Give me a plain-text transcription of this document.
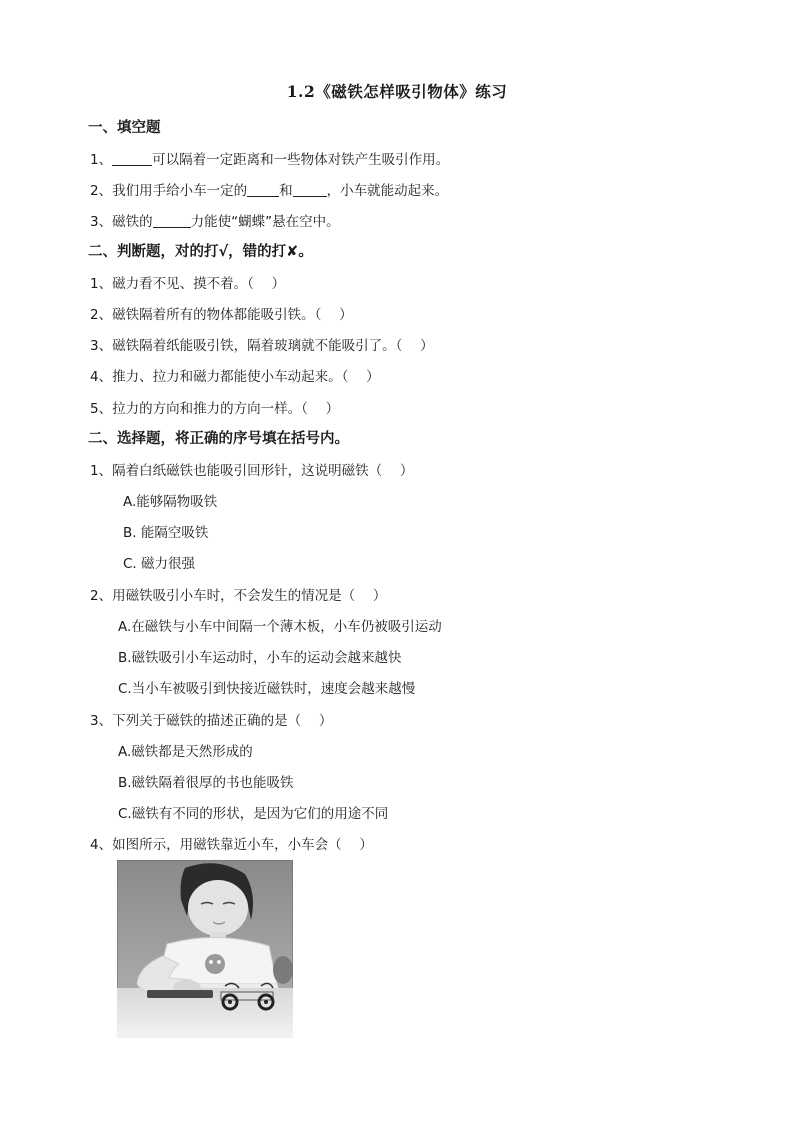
1.2《磁铁怎样吸引物体》练习
一、填空题
1、	可以隔着一定距离和一些物体对铁产生吸引作用。
2、我们用手给小车一定的 和	，小车就能动起来。
3、磁铁的	力能使“蝴蝶”悬在空中。
二、判断题，对的打√，错的打✘。
1、磁力看不见、摸不着。（　 ）
2、磁铁隔着所有的物体都能吸引铁。（　 ）
3、磁铁隔着纸能吸引铁，隔着玻璃就不能吸引了。（　 ）
4、推力、拉力和磁力都能使小车动起来。（　 ）
5、拉力的方向和推力的方向一样。（　 ）
二、选择题，将正确的序号填在括号内。
1、隔着白纸磁铁也能吸引回形针，这说明磁铁（　 ）
A.能够隔物吸铁
B. 能隔空吸铁
C. 磁力很强
2、用磁铁吸引小车时，不会发生的情况是（　 ）
A.在磁铁与小车中间隔一个薄木板，小车仍被吸引运动
B.磁铁吸引小车运动时，小车的运动会越来越快
C.当小车被吸引到快接近磁铁时，速度会越来越慢
3、下列关于磁铁的描述正确的是（　 ）
A.磁铁都是天然形成的
B.磁铁隔着很厚的书也能吸铁
C.磁铁有不同的形状，是因为它们的用途不同
4、如图所示，用磁铁靠近小车，小车会（　 ）
